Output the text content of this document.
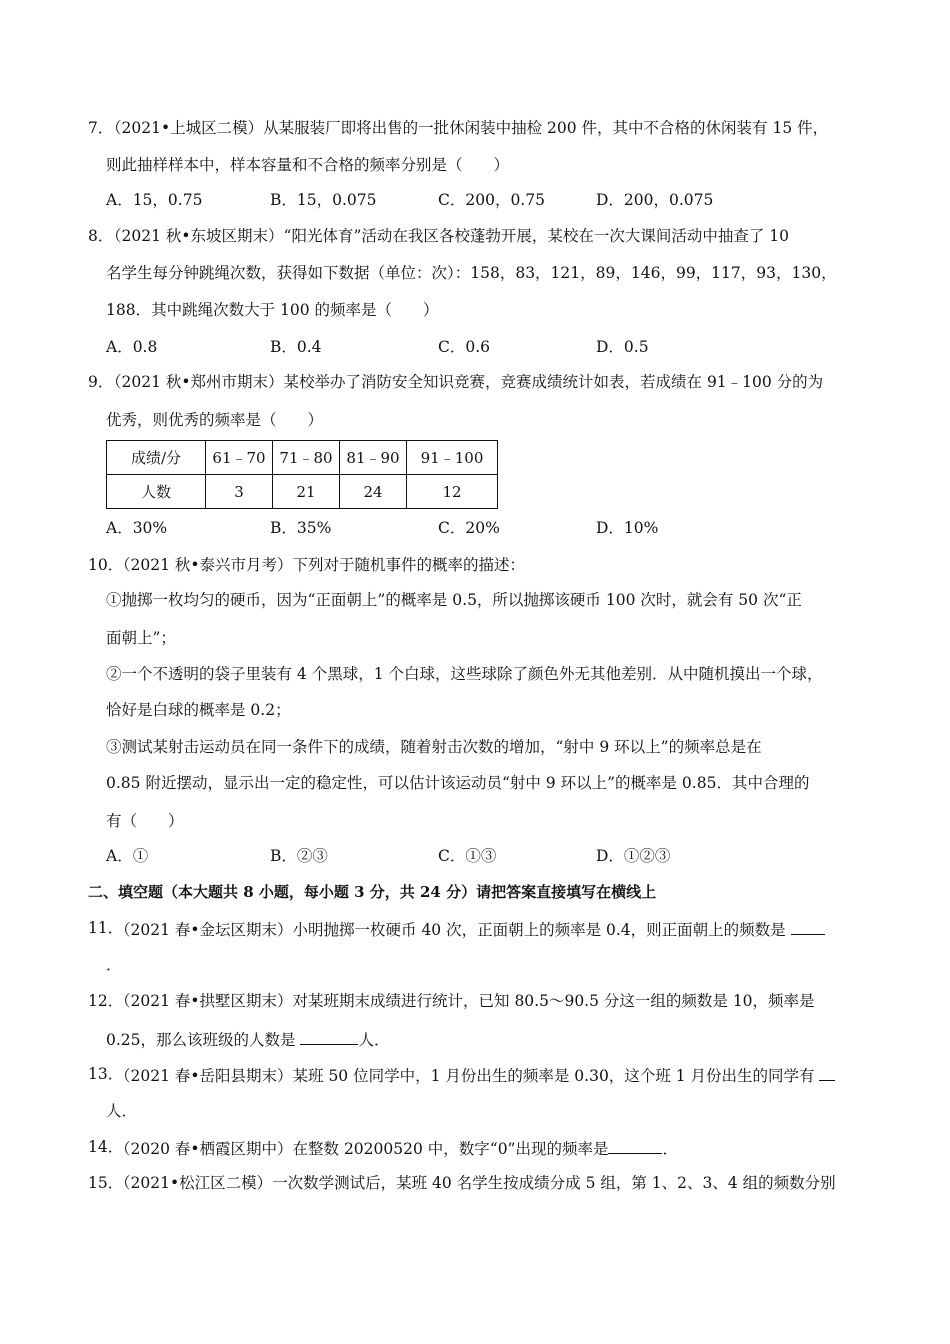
7．
（2021•上城区二模）从某服装厂即将出售的一批休闲装中抽检 200 件，其中不合格的休闲装有 15 件，
则此抽样样本中，样本容量和不合格的频率分别是（　　）
A．15，0.75	B．15，0.075	C．200，0.75	D．200，0.075
8．
（2021 秋•东坡区期末）“阳光体育”活动在我区各校蓬勃开展，某校在一次大课间活动中抽查了 10
名学生每分钟跳绳次数，获得如下数据（单位：次）：158，83，121，89，146，99，117，93，130，
188．其中跳绳次数大于 100 的频率是（　　）
A．0.8	B．0.4	C．0.6	D．0.5
9．
（2021 秋•郑州市期末）某校举办了消防安全知识竞赛，竞赛成绩统计如表，若成绩在 91﹣100 分的为
优秀，则优秀的频率是（　　）
成绩/分	61﹣70	71﹣80	81﹣90	91﹣100
人数	3	21	24	12
A．30%	B．35%	C．20%	D．10%
10．
（2021 秋•泰兴市月考）下列对于随机事件的概率的描述：
①抛掷一枚均匀的硬币，因为“正面朝上”的概率是 0.5，所以抛掷该硬币 100 次时，就会有 50 次“正
面朝上”；
②一个不透明的袋子里装有 4 个黑球，1 个白球，这些球除了颜色外无其他差别．从中随机摸出一个球，
恰好是白球的概率是 0.2；
③测试某射击运动员在同一条件下的成绩，随着射击次数的增加，“射中 9 环以上”的频率总是在
0.85 附近摆动，显示出一定的稳定性，可以估计该运动员“射中 9 环以上”的概率是 0.85．其中合理的
有（　　）
A．①	B．②③	C．①③	D．①②③
二、填空题（本大题共 8 小题，每小题 3 分，共 24 分）请把答案直接填写在横线上
11．
（2021 春•金坛区期末）小明抛掷一枚硬币 40 次，正面朝上的频率是 0.4，则正面朝上的频数是
．
12．
（2021 春•拱墅区期末）对某班期末成绩进行统计，已知 80.5～90.5 分这一组的频数是 10，频率是
0.25，那么该班级的人数是	人．
13．
（2021 春•岳阳县期末）某班 50 位同学中，1 月份出生的频率是 0.30，这个班 1 月份出生的同学有
人．
14．
（2020 春•栖霞区期中）在整数 20200520 中，数字“0”出现的频率是	．
15．
（2021•松江区二模）一次数学测试后，某班 40 名学生按成绩分成 5 组，第 1、2、3、4 组的频数分别
